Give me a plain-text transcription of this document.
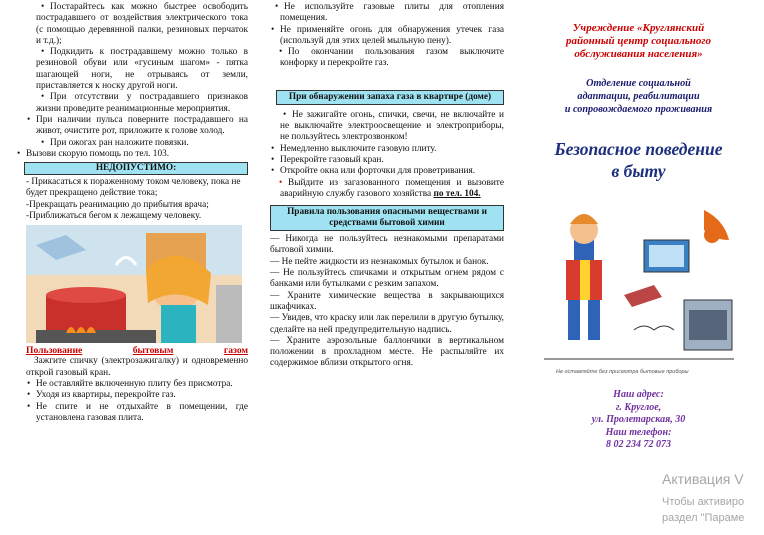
• Постарайтесь как можно быстрее освободить пострадавшего от воздействия электрического тока (с помощью деревянной палки, резиновых перчаток и т.д.);

• Подкидить к пострадавшему можно только в резиновой обуви или «гусиным шагом» - пятка шагающей ноги, не отрываясь от земли, приставляется к носку другой ноги.

• При отсутствии у пострадавшего признаков жизни проведите реанимационные мероприятия.

• При наличии пульса поверните пострадавшего на живот, очистите рот, приложите к голове холод.

• При ожогах ран наложите повязки.

• Вызови скорую помощь по тел. 103.

НЕДОПУСТИМО:

- Прикасаться к пораженному током человеку, пока не будет прекращено действие тока;

-Прекращать реанимацию до прибытия врача;

-Приближаться бегом к лежащему человеку.

Пользование	бытовым	газом

Зажгите спичку (электрозажигалку) и одновременно открой газовый кран.

• Не оставляйте включенную плиту без присмотра.

• Уходя из квартиры, перекройте газ.

• Не спите и не отдыхайте в помещении, где установлена газовая плита.

• Не используйте газовые плиты для отопления помещения.

• Не применяйте огонь для обнаружения утечек газа (используй для этих целей мыльную пену).

• По окончании пользования газом выключите конфорку и перекройте газ.

При обнаружении запаха газа в квартире (доме)

• Не зажигайте огонь, спички, свечи, не включайте и не выключайте электроосвещение и электроприборы, не пользуйтесь электрозвонком!

• Немедленно выключите газовую плиту.

• Перекройте газовый кран.

• Откройте окна или форточки для проветривания.

• Выйдите из загазованного помещения и вызовите аварийную службу газового хозяйства по тел. 104.

Правила пользования опасными веществами и средствами бытовой химии

— Никогда не пользуйтесь незнакомыми препаратами бытовой химии.

— Не пейте жидкости из незнакомых бутылок и банок.

— Не пользуйтесь спичками и открытым огнем рядом с банками или бутылками с резким запахом.

— Храните химические вещества в закрывающихся шкафчиках.

— Увидев, что краску или лак перелили в другую бутылку, сделайте на ней предупредительную надпись.

— Храните аэрозольные баллончики в вертикальном положении в прохладном месте. Не распыляйте их содержимое вблизи открытого огня.

Учреждение «Круглянский
районный центр социального
обслуживания населения»
Отделение социальной
адаптации, реабилитации
и сопровождаемого проживания
Безопасное поведение
в быту
Не оставляйте без присмотра бытовые приборы
Наш адрес:
г. Круглое,
ул. Пролетарская, 30
Наш телефон:
8 02 234 72 073
Активация V
Чтобы активиро
раздел "Параме
